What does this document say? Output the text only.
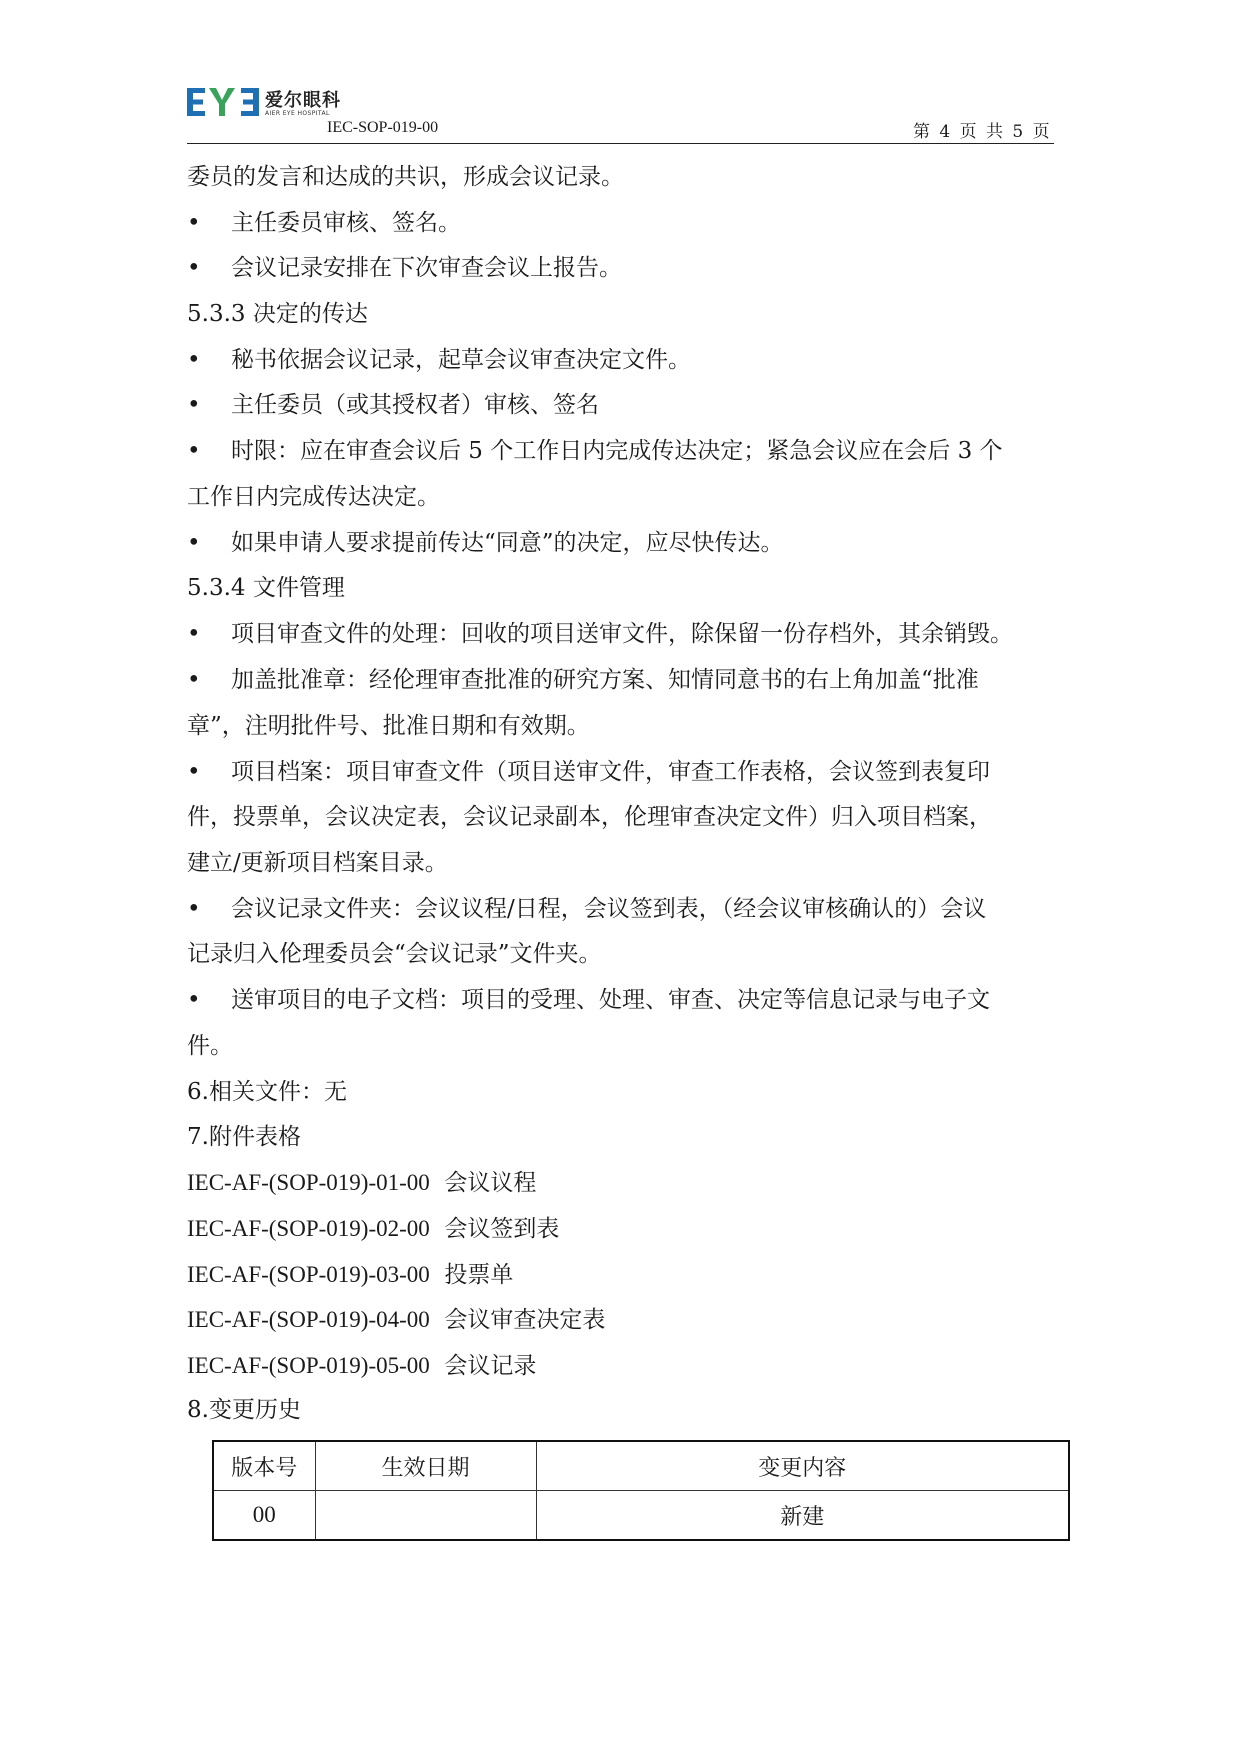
爱尔眼科
AIER EYE HOSPITAL
IEC-SOP-019-00	第 4 页 共 5 页
委员的发言和达成的共识，形成会议记录。
• 主任委员审核、签名。
• 会议记录安排在下次审查会议上报告。
5.3.3 决定的传达
• 秘书依据会议记录，起草会议审查决定文件。
• 主任委员（或其授权者）审核、签名
• 时限：应在审查会议后 5 个工作日内完成传达决定；紧急会议应在会后 3 个
工作日内完成传达决定。
• 如果申请人要求提前传达“同意”的决定，应尽快传达。
5.3.4 文件管理
• 项目审查文件的处理：回收的项目送审文件，除保留一份存档外，其余销毁。
• 加盖批准章：经伦理审查批准的研究方案、知情同意书的右上角加盖“批准
章”，注明批件号、批准日期和有效期。
• 项目档案：项目审查文件（项目送审文件，审查工作表格，会议签到表复印
件，投票单，会议决定表，会议记录副本，伦理审查决定文件）归入项目档案，
建立/更新项目档案目录。
• 会议记录文件夹：会议议程/日程，会议签到表，（经会议审核确认的）会议
记录归入伦理委员会“会议记录”文件夹。
• 送审项目的电子文档：项目的受理、处理、审查、决定等信息记录与电子文
件。
6.相关文件：无
7.附件表格
IEC-AF-(SOP-019)-01-00 会议议程
IEC-AF-(SOP-019)-02-00 会议签到表
IEC-AF-(SOP-019)-03-00 投票单
IEC-AF-(SOP-019)-04-00 会议审查决定表
IEC-AF-(SOP-019)-05-00 会议记录
8.变更历史
版本号	生效日期	变更内容
00		新建
